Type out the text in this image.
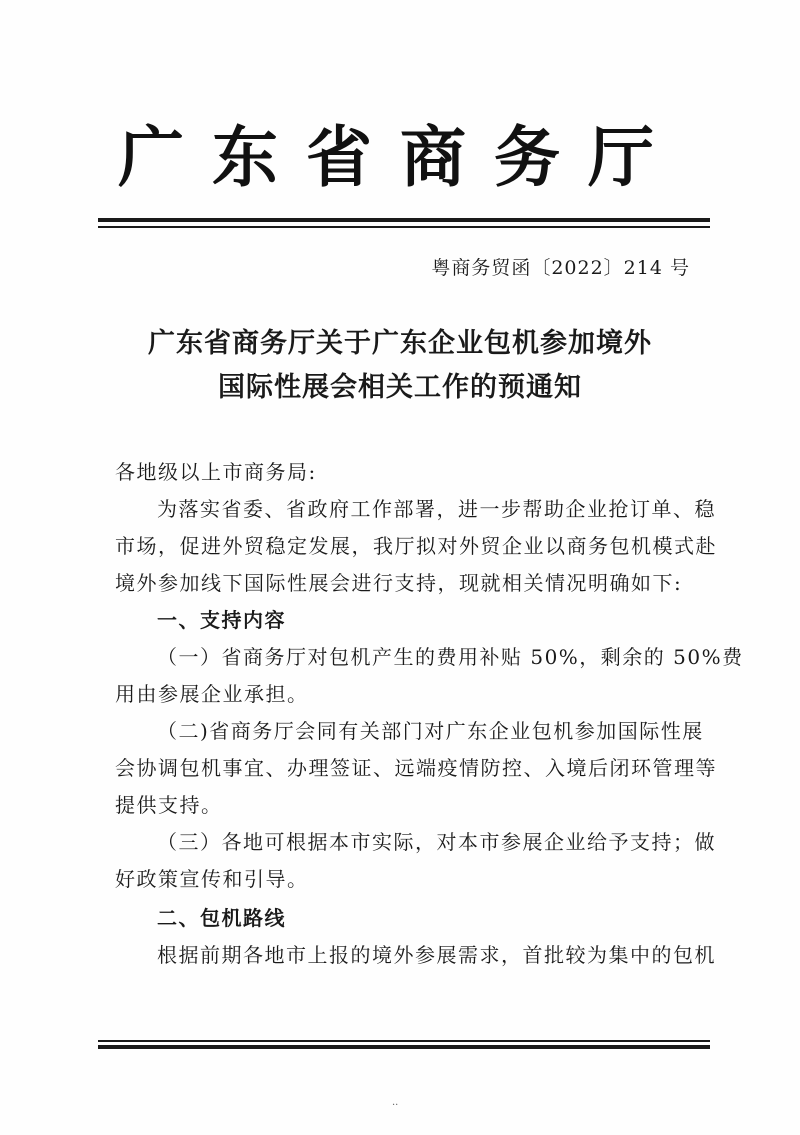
广东省商务厅
粤商务贸函〔2022〕214 号
广东省商务厅关于广东企业包机参加境外
国际性展会相关工作的预通知
各地级以上市商务局:
为落实省委、省政府工作部署，进一步帮助企业抢订单、稳
市场，促进外贸稳定发展，我厅拟对外贸企业以商务包机模式赴
境外参加线下国际性展会进行支持，现就相关情况明确如下:
一、支持内容
（一）省商务厅对包机产生的费用补贴 50%，剩余的 50%费
用由参展企业承担。
（二)省商务厅会同有关部门对广东企业包机参加国际性展
会协调包机事宜、办理签证、远端疫情防控、入境后闭环管理等
提供支持。
（三）各地可根据本市实际，对本市参展企业给予支持；做
好政策宣传和引导。
二、包机路线
根据前期各地市上报的境外参展需求，首批较为集中的包机
··
